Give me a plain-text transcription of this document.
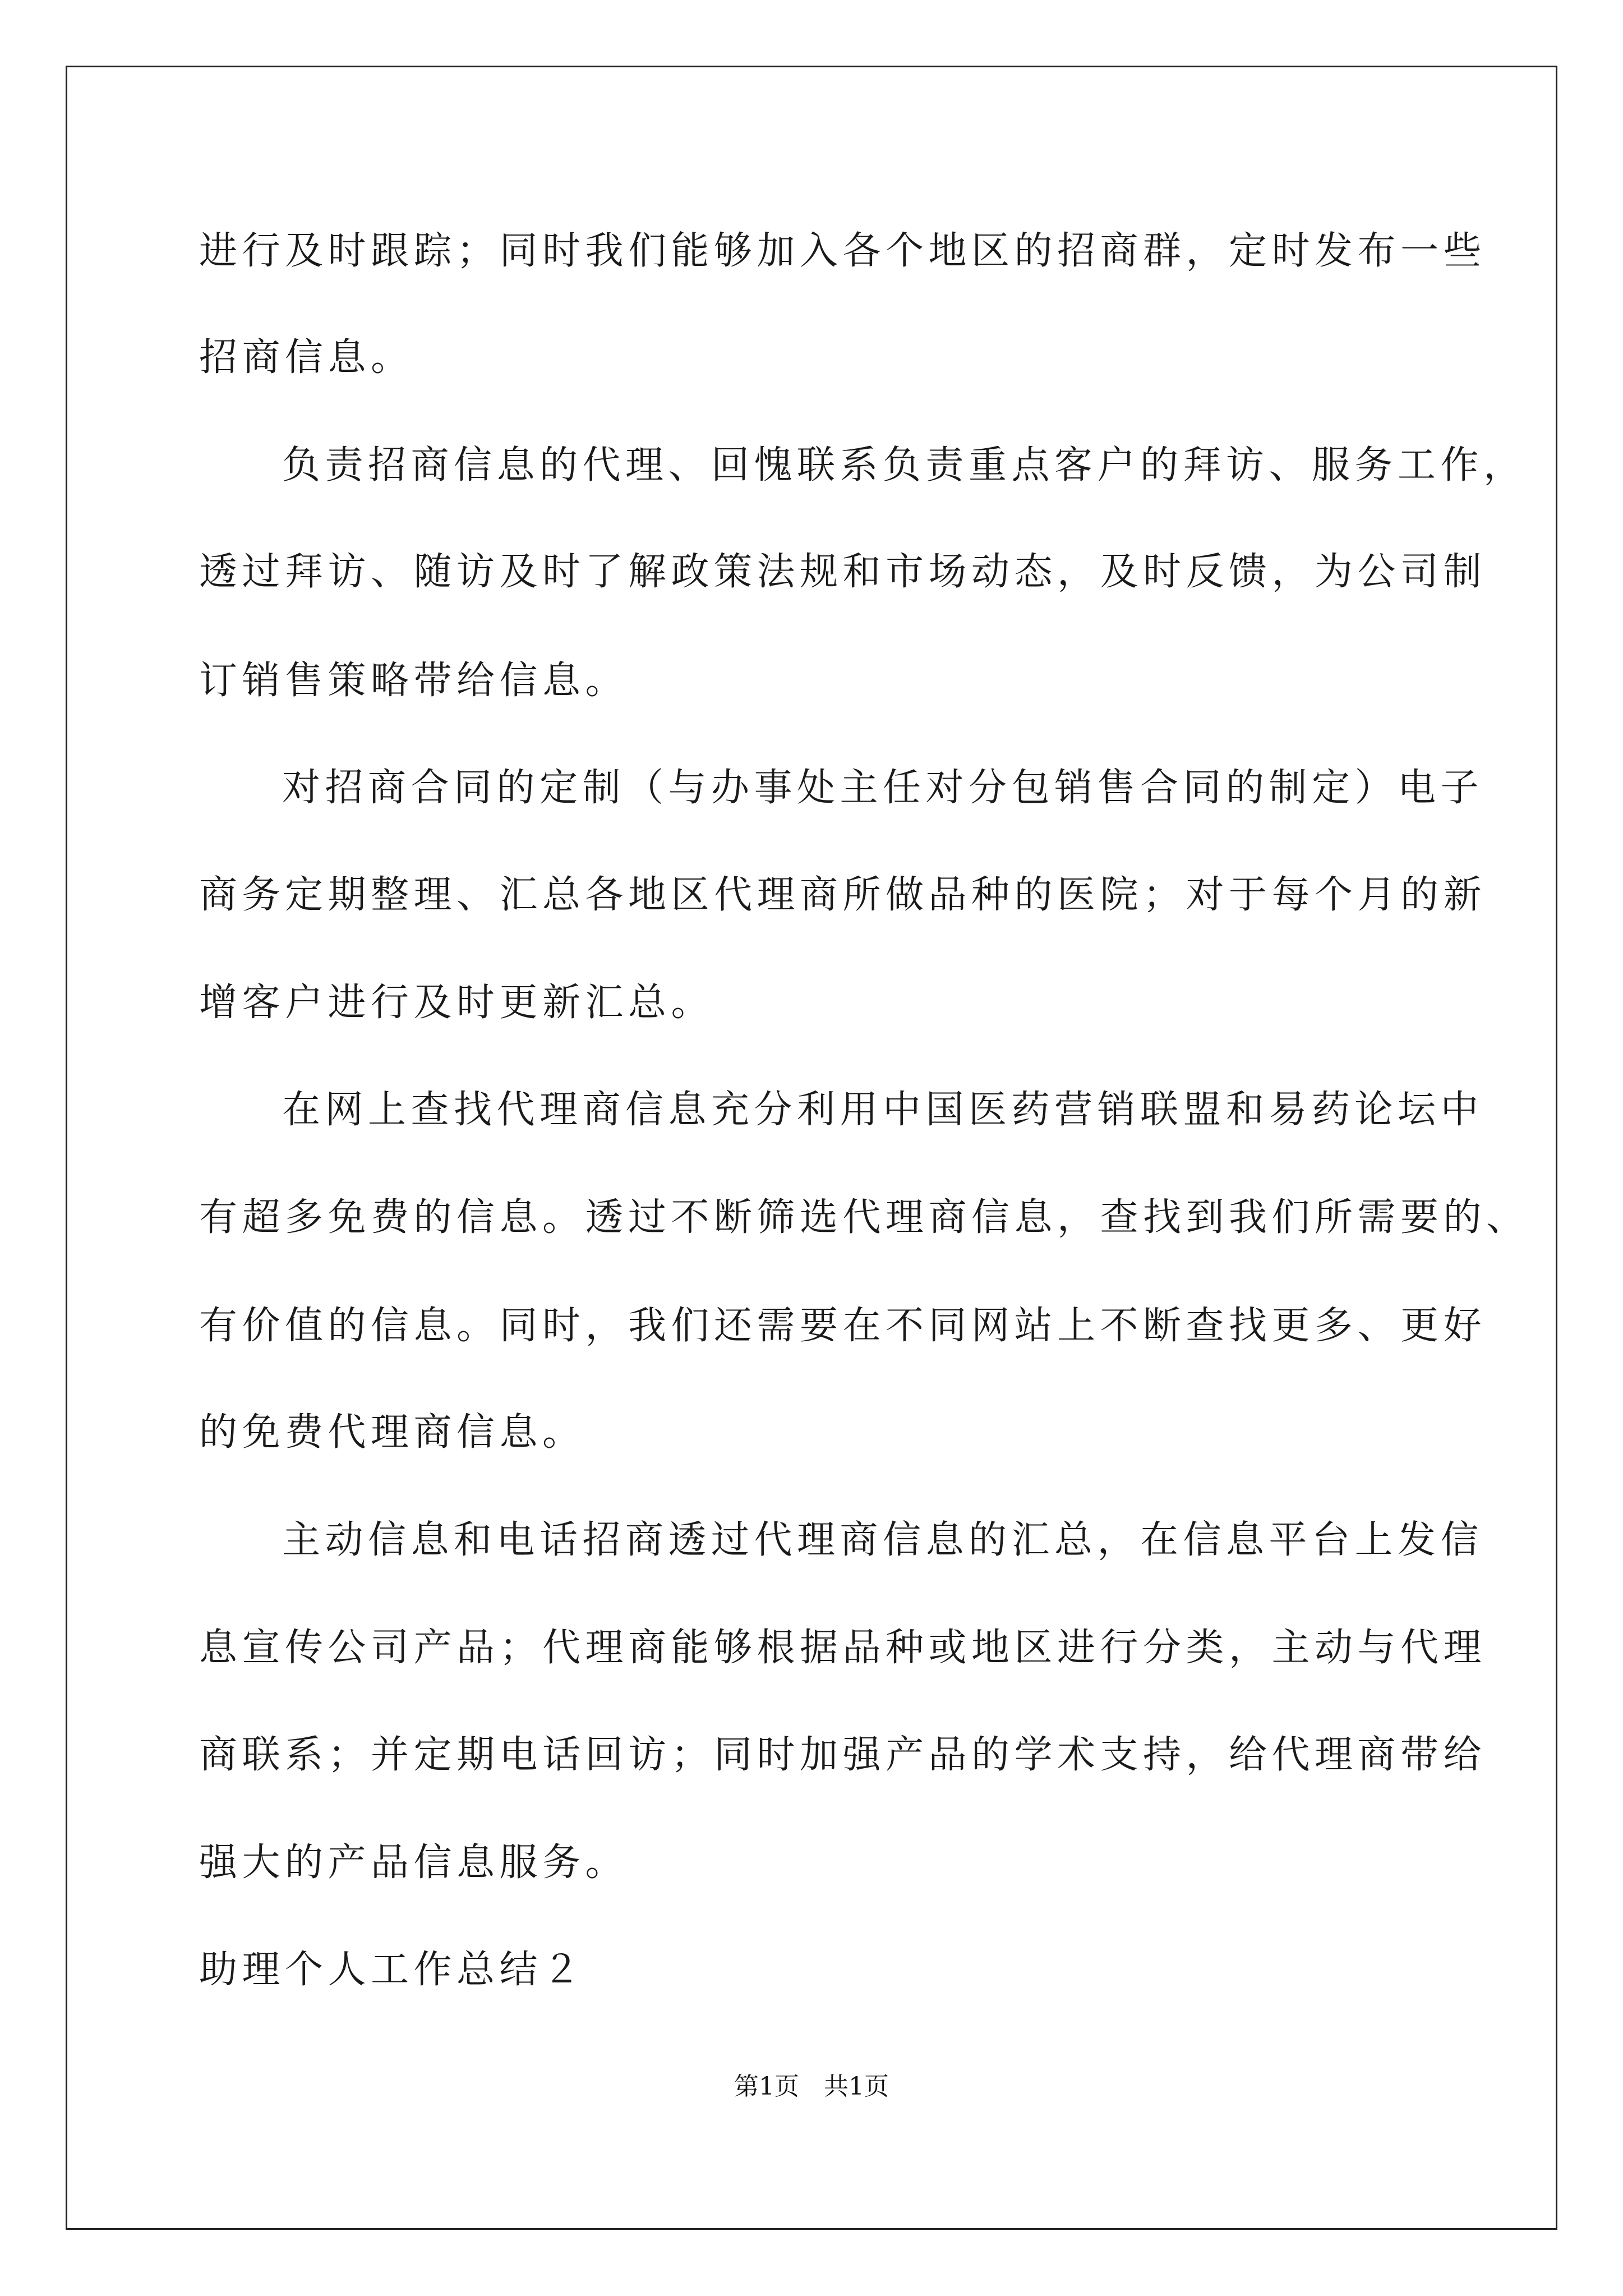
进行及时跟踪；同时我们能够加入各个地区的招商群，定时发布一些
招商信息。
负责招商信息的代理、回愧联系负责重点客户的拜访、服务工作，
透过拜访、随访及时了解政策法规和市场动态，及时反馈，为公司制
订销售策略带给信息。
对招商合同的定制（与办事处主任对分包销售合同的制定）电子
商务定期整理、汇总各地区代理商所做品种的医院；对于每个月的新
增客户进行及时更新汇总。
在网上查找代理商信息充分利用中国医药营销联盟和易药论坛中
有超多免费的信息。透过不断筛选代理商信息，查找到我们所需要的、
有价值的信息。同时，我们还需要在不同网站上不断查找更多、更好
的免费代理商信息。
主动信息和电话招商透过代理商信息的汇总，在信息平台上发信
息宣传公司产品；代理商能够根据品种或地区进行分类，主动与代理
商联系；并定期电话回访；同时加强产品的学术支持，给代理商带给
强大的产品信息服务。
助理个人工作总结２
第1页　共1页
